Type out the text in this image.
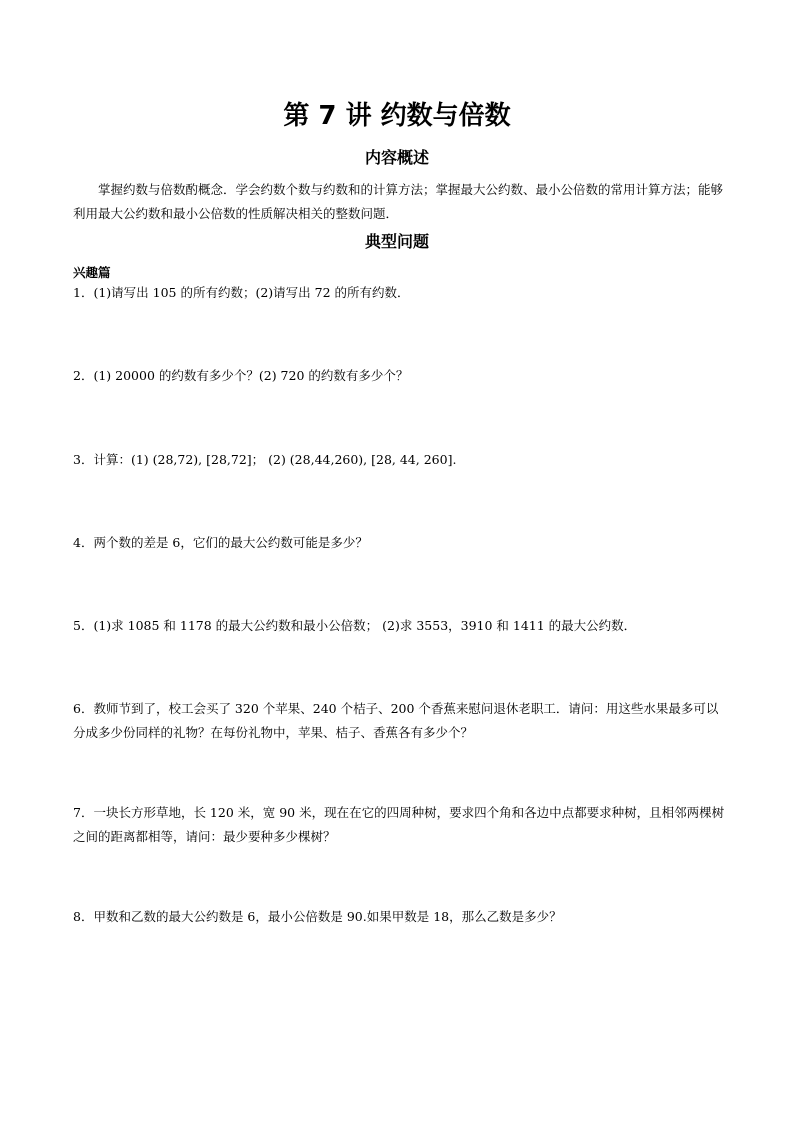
第 7 讲 约数与倍数
内容概述

掌握约数与倍数酌概念．学会约数个数与约数和的计算方法；掌握最大公约数、最小公倍数的常用计算方法；能够利用最大公约数和最小公倍数的性质解决相关的整数问题．

典型问题
兴趣篇

1．(1)请写出 105 的所有约数；(2)请写出 72 的所有约数．

2．(1) 20000 的约数有多少个？(2) 720 的约数有多少个？

3．计算：(1) (28,72), [28,72]； (2) (28,44,260), [28, 44, 260].

4．两个数的差是 6，它们的最大公约数可能是多少？

5．(1)求 1085 和 1178 的最大公约数和最小公倍数； (2)求 3553，3910 和 1411 的最大公约数．

6．教师节到了，校工会买了 320 个苹果、240 个桔子、200 个香蕉来慰问退休老职工．请问：用这些水果最多可以分成多少份同样的礼物？在每份礼物中，苹果、桔子、香蕉各有多少个？

7．一块长方形草地，长 120 米，宽 90 米，现在在它的四周种树，要求四个角和各边中点都要求种树，且相邻两棵树之间的距离都相等，请问：最少要种多少棵树？

8．甲数和乙数的最大公约数是 6，最小公倍数是 90.如果甲数是 18，那么乙数是多少？
